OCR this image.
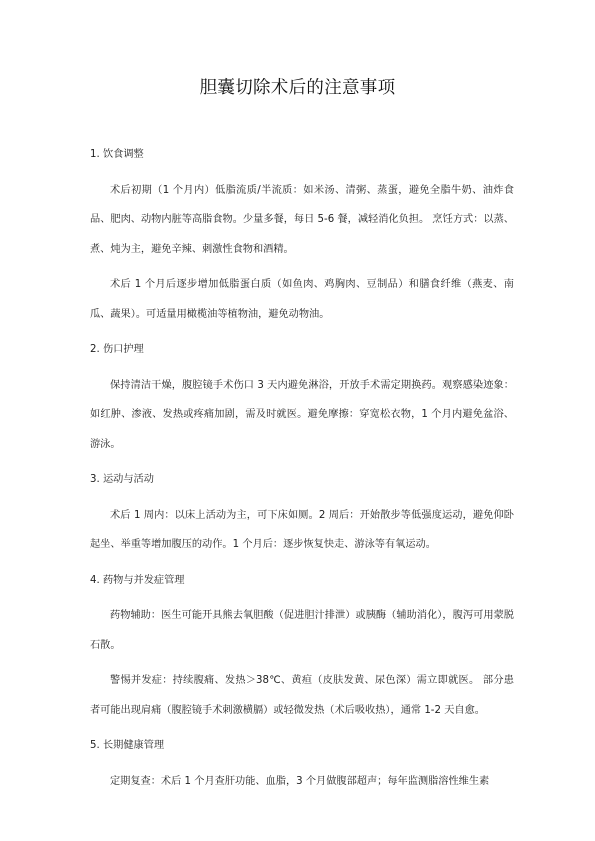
胆囊切除术后的注意事项
1. 饮食调整
术后初期（1 个月内）低脂流质/半流质：如米汤、清粥、蒸蛋，避免全脂牛奶、油炸食品、肥肉、动物内脏等高脂食物。少量多餐，每日 5-6 餐，减轻消化负担。 烹饪方式：以蒸、煮、炖为主，避免辛辣、刺激性食物和酒精。
术后 1 个月后逐步增加低脂蛋白质（如鱼肉、鸡胸肉、豆制品）和膳食纤维（燕麦、南瓜、蔬果）。可适量用橄榄油等植物油，避免动物油。
2. 伤口护理
保持清洁干燥，腹腔镜手术伤口 3 天内避免淋浴，开放手术需定期换药。观察感染迹象：如红肿、渗液、发热或疼痛加剧，需及时就医。避免摩擦：穿宽松衣物，1 个月内避免盆浴、游泳。
3. 运动与活动
术后 1 周内：以床上活动为主，可下床如厕。2 周后：开始散步等低强度运动，避免仰卧起坐、举重等增加腹压的动作。1 个月后：逐步恢复快走、游泳等有氧运动。
4. 药物与并发症管理
药物辅助：医生可能开具熊去氧胆酸（促进胆汁排泄）或胰酶（辅助消化），腹泻可用蒙脱石散。
警惕并发症：持续腹痛、发热＞38℃、黄疸（皮肤发黄、尿色深）需立即就医。 部分患者可能出现肩痛（腹腔镜手术刺激横膈）或轻微发热（术后吸收热），通常 1-2 天自愈。
5. 长期健康管理
定期复查：术后 1 个月查肝功能、血脂，3 个月做腹部超声；每年监测脂溶性维生素
